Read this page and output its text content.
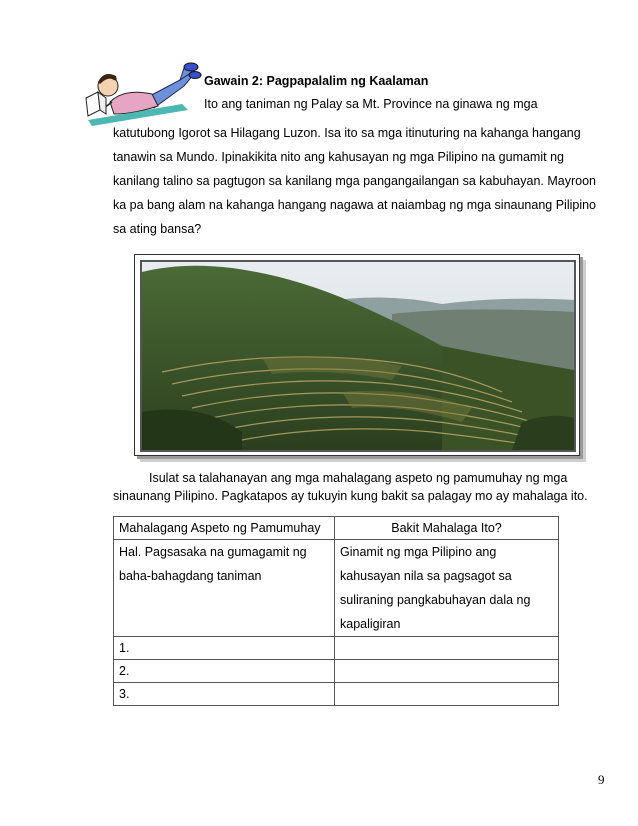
Gawain 2: Pagpapalalim ng Kaalaman
Ito ang taniman ng Palay sa Mt. Province na ginawa ng mga
katutubong Igorot sa Hilagang Luzon. Isa ito sa mga itinuturing na kahanga hangang
tanawin sa Mundo. Ipinakikita nito ang kahusayan ng mga Pilipino na gumamit ng
kanilang talino sa pagtugon sa kanilang mga pangangailangan sa kabuhayan. Mayroon
ka pa bang alam na kahanga hangang nagawa at naiambag ng mga sinaunang Pilipino
sa ating bansa?
Isulat sa talahanayan ang mga mahalagang aspeto ng pamumuhay ng mga
sinaunang Pilipino. Pagkatapos ay tukuyin kung bakit sa palagay mo ay mahalaga ito.
Mahalagang Aspeto ng Pamumuhay	Bakit Mahalaga Ito?

Hal. Pagsasaka na gumagamit ng
baha-bahagdang taniman	Ginamit ng mga Pilipino ang
kahusayan nila sa pagsagot sa
suliraning pangkabuhayan dala ng
kapaligiran

1.	
2.	
3.	
9
